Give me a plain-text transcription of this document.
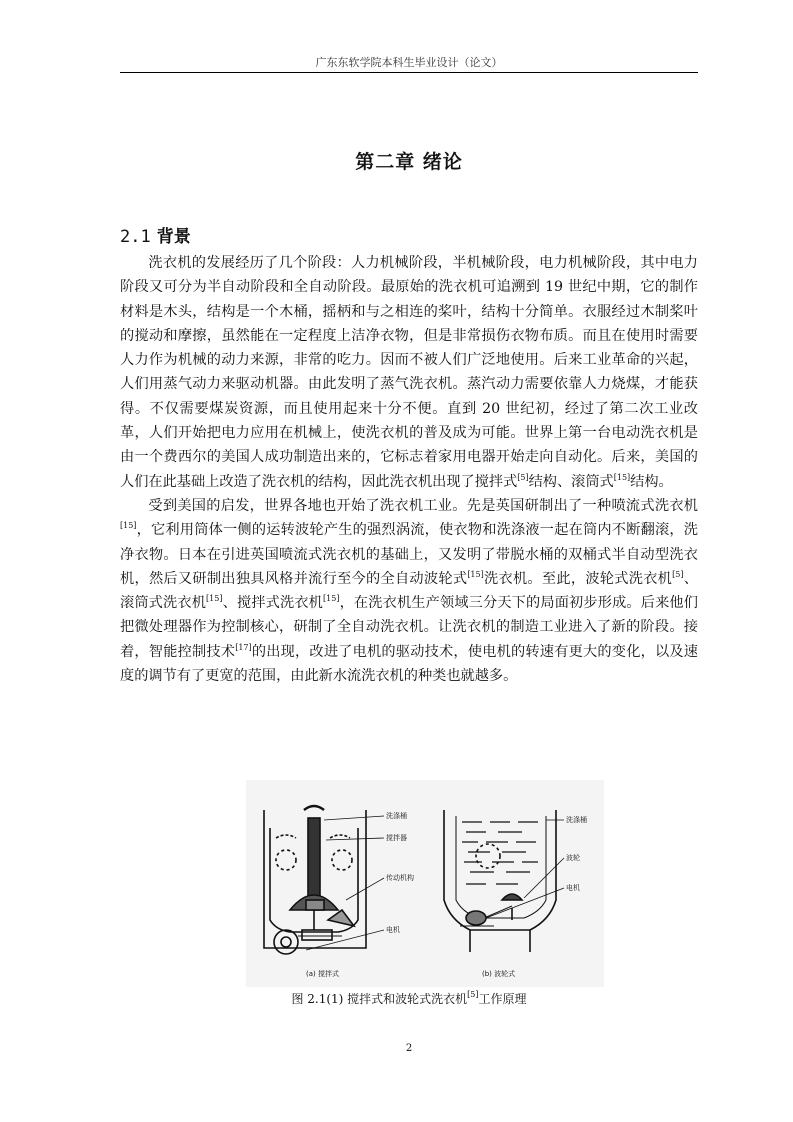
广东东软学院本科生毕业设计（论文）
第二章 绪论
2.1 背景

洗衣机的发展经历了几个阶段：人力机械阶段，半机械阶段，电力机械阶段，其中电力阶段又可分为半自动阶段和全自动阶段。最原始的洗衣机可追溯到 19 世纪中期，它的制作材料是木头，结构是一个木桶，摇柄和与之相连的桨叶，结构十分简单。衣服经过木制桨叶的搅动和摩擦，虽然能在一定程度上洁净衣物，但是非常损伤衣物布质。而且在使用时需要人力作为机械的动力来源，非常的吃力。因而不被人们广泛地使用。后来工业革命的兴起，人们用蒸气动力来驱动机器。由此发明了蒸气洗衣机。蒸汽动力需要依靠人力烧煤，才能获得。不仅需要煤炭资源，而且使用起来十分不便。直到 20 世纪初，经过了第二次工业改革，人们开始把电力应用在机械上，使洗衣机的普及成为可能。世界上第一台电动洗衣机是由一个费西尔的美国人成功制造出来的，它标志着家用电器开始走向自动化。后来，美国的人们在此基础上改造了洗衣机的结构，因此洗衣机出现了搅拌式[5]结构、滚筒式[15]结构。

受到美国的启发，世界各地也开始了洗衣机工业。先是英国研制出了一种喷流式洗衣机[15]，它利用筒体一侧的运转波轮产生的强烈涡流，使衣物和洗涤液一起在筒内不断翻滚，洗净衣物。日本在引进英国喷流式洗衣机的基础上，又发明了带脱水桶的双桶式半自动型洗衣机，然后又研制出独具风格并流行至今的全自动波轮式[15]洗衣机。至此，波轮式洗衣机[5]、滚筒式洗衣机[15]、搅拌式洗衣机[15]，在洗衣机生产领域三分天下的局面初步形成。后来他们把微处理器作为控制核心，研制了全自动洗衣机。让洗衣机的制造工业进入了新的阶段。接着，智能控制技术[17]的出现，改进了电机的驱动技术，使电机的转速有更大的变化，以及速度的调节有了更宽的范围，由此新水流洗衣机的种类也就越多。

洗涤桶
搅拌器
传动机构
电机
洗涤桶
波轮
电机
(a) 搅拌式	(b) 波轮式
图 2.1(1) 搅拌式和波轮式洗衣机[5]工作原理
2
